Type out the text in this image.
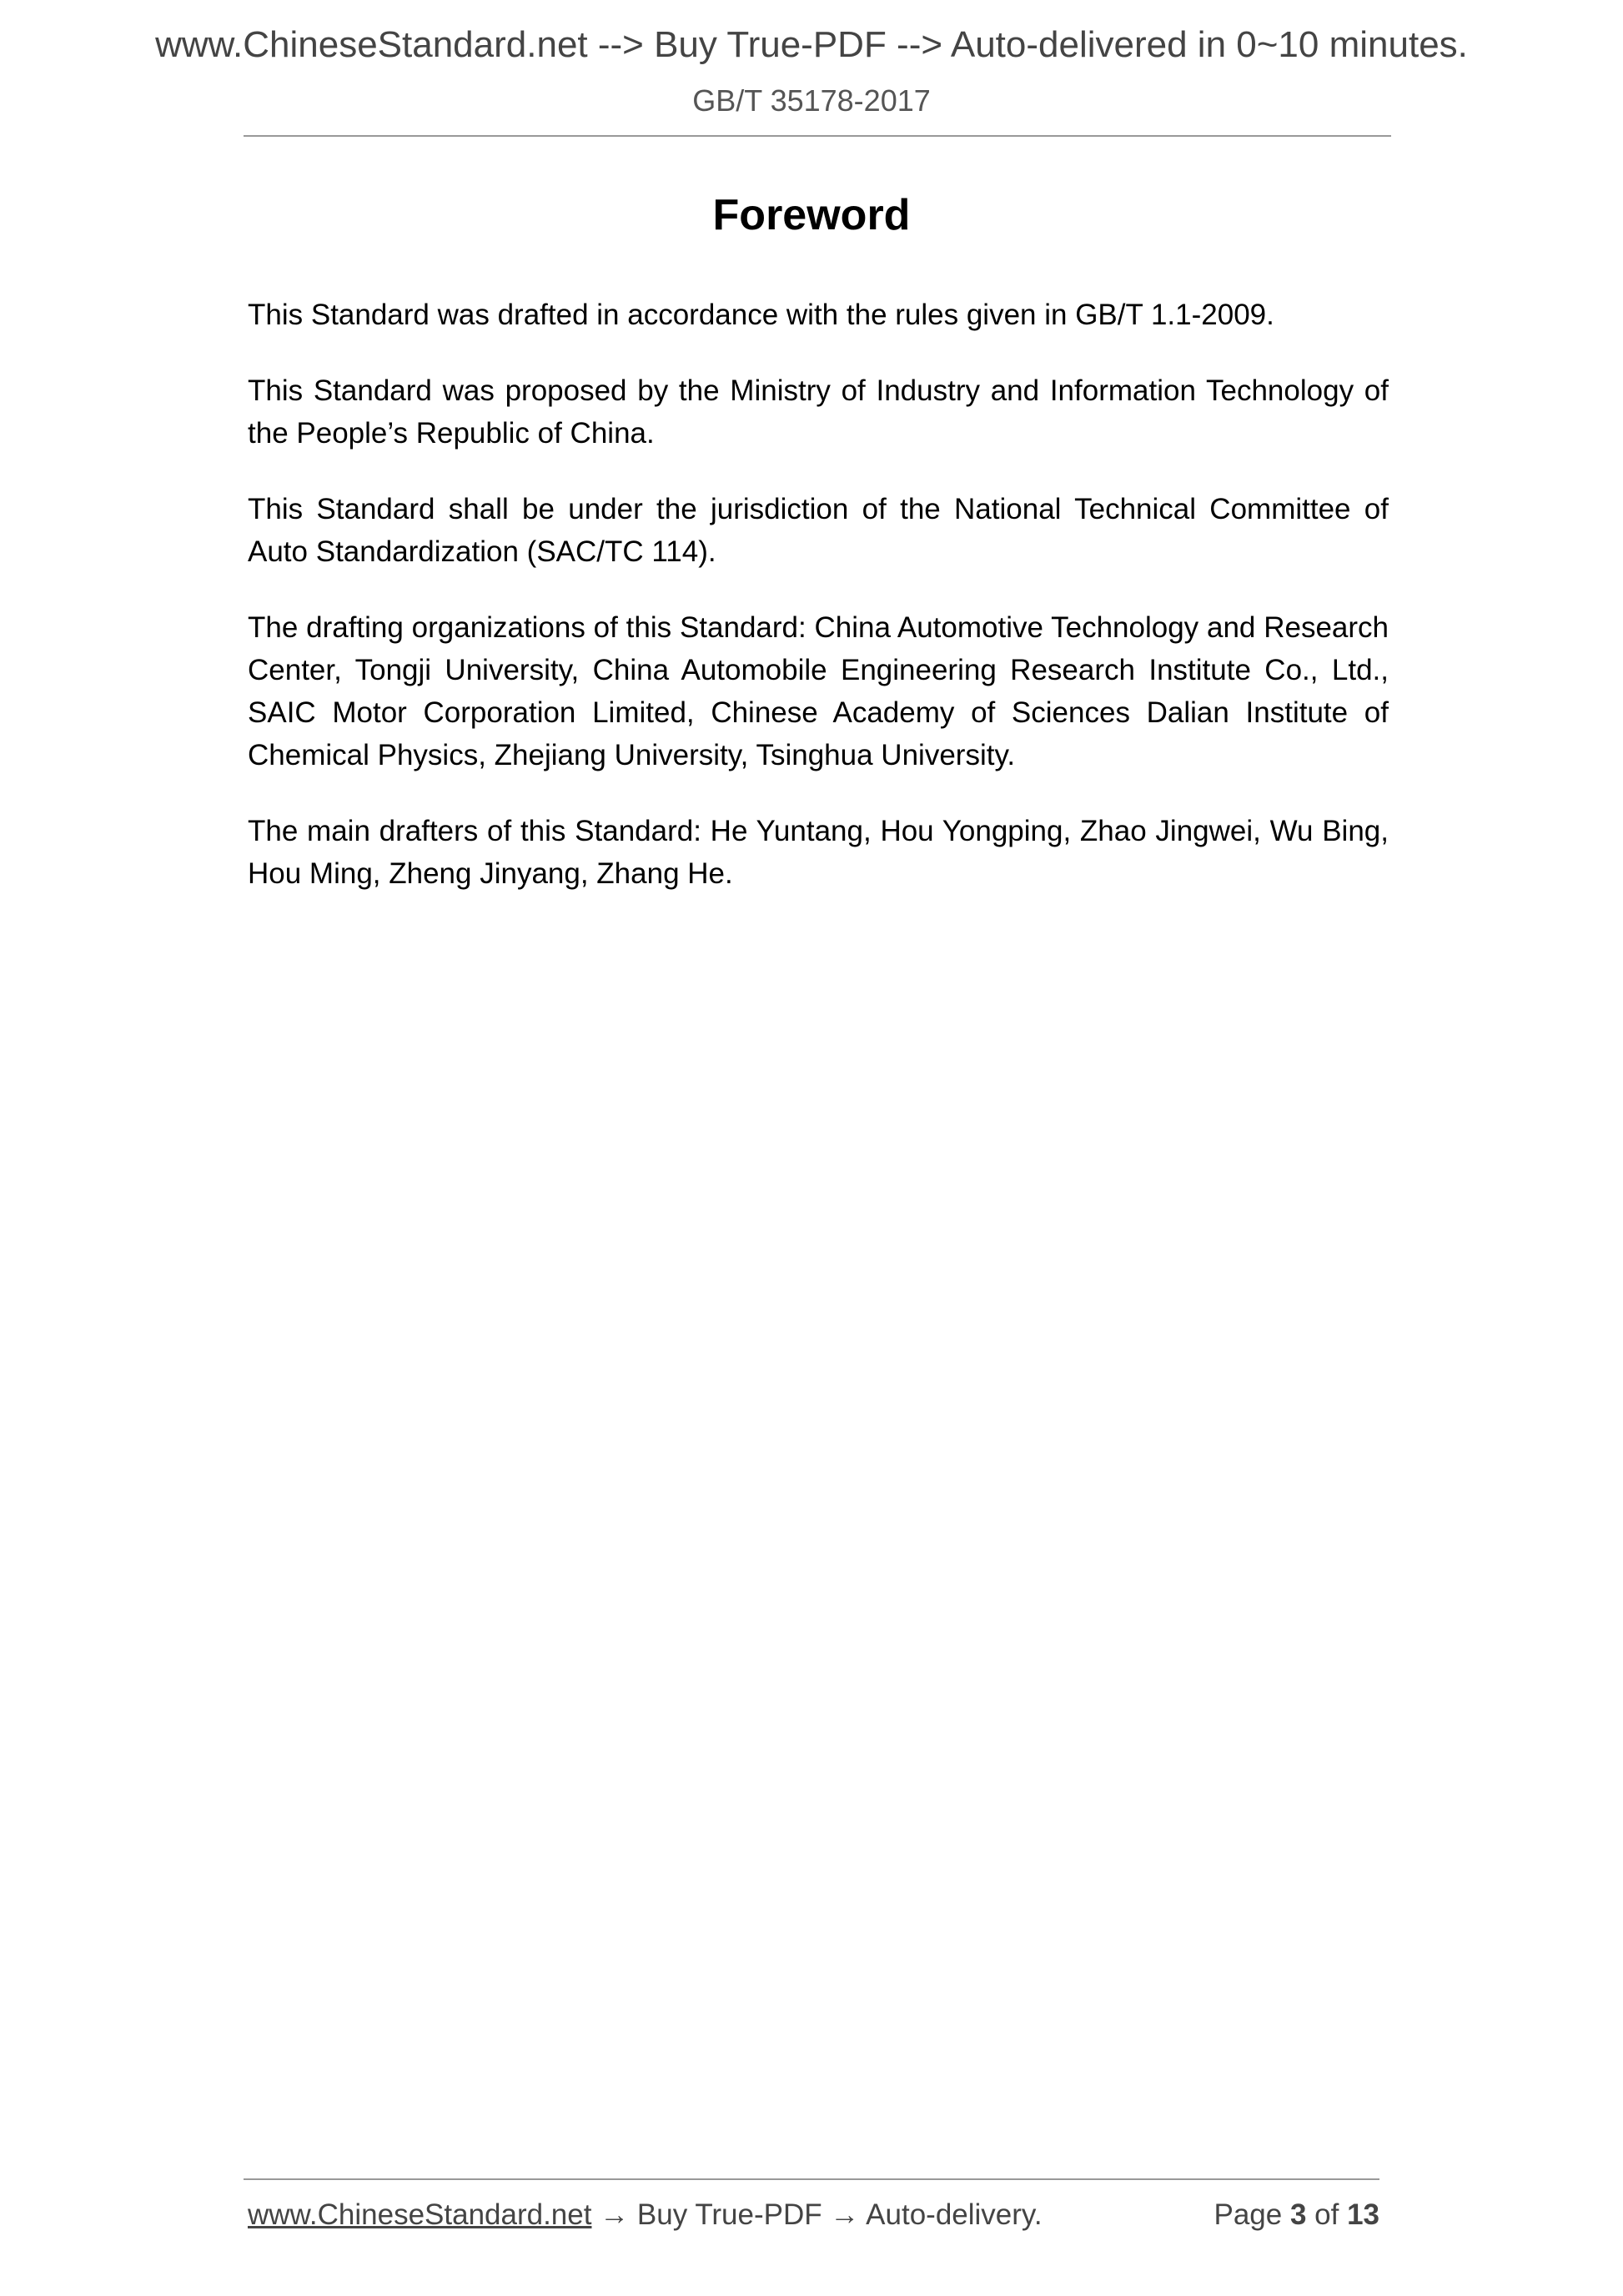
www.ChineseStandard.net --> Buy True-PDF --> Auto-delivered in 0~10 minutes.
GB/T 35178-2017
Foreword

This Standard was drafted in accordance with the rules given in GB/T 1.1-2009.

This Standard was proposed by the Ministry of Industry and Information Technology of the People’s Republic of China.

This Standard shall be under the jurisdiction of the National Technical Committee of Auto Standardization (SAC/TC 114).

The drafting organizations of this Standard: China Automotive Technology and Research Center, Tongji University, China Automobile Engineering Research Institute Co., Ltd., SAIC Motor Corporation Limited, Chinese Academy of Sciences Dalian Institute of Chemical Physics, Zhejiang University, Tsinghua University.

The main drafters of this Standard: He Yuntang, Hou Yongping, Zhao Jingwei, Wu Bing, Hou Ming, Zheng Jinyang, Zhang He.

www.ChineseStandard.net → Buy True-PDF → Auto-delivery.	Page 3 of 13
